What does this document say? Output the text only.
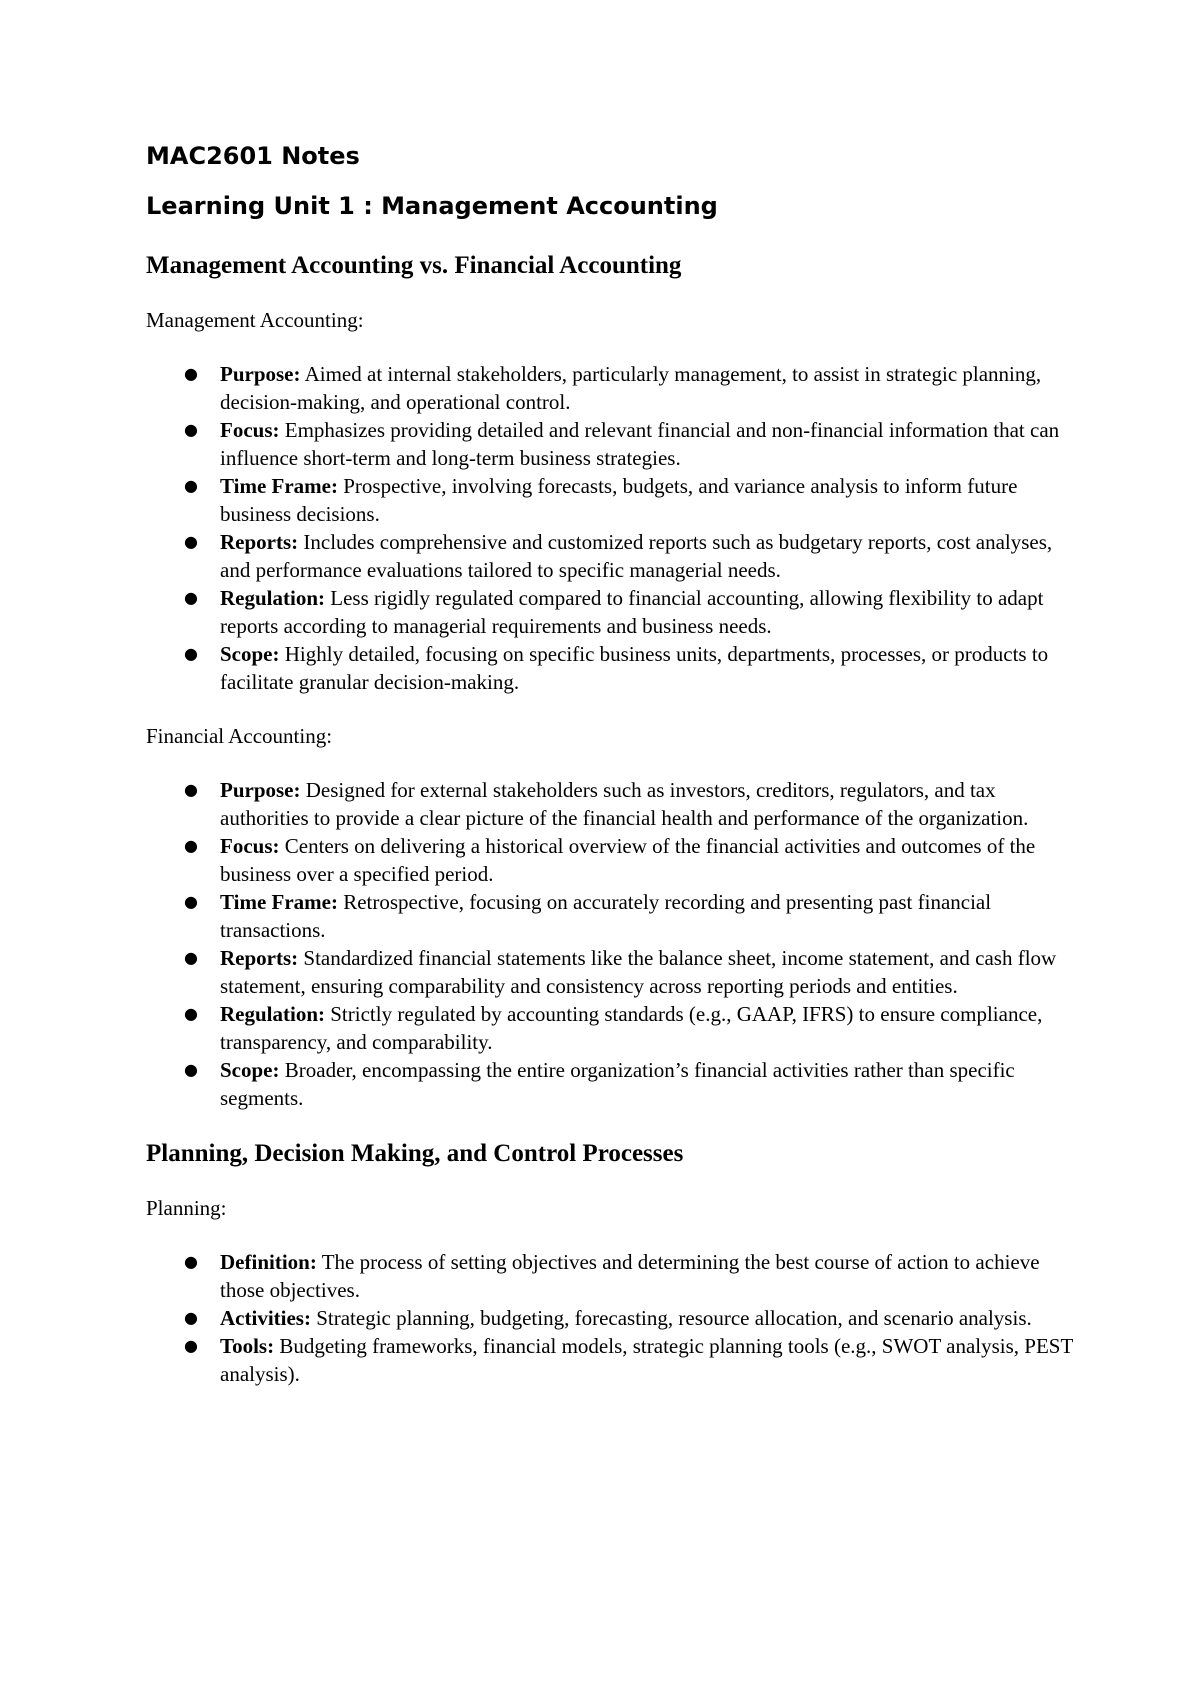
MAC2601 Notes
Learning Unit 1 : Management Accounting
Management Accounting vs. Financial Accounting

Management Accounting:

● Purpose: Aimed at internal stakeholders, particularly management, to assist in strategic planning, decision-making, and operational control.
● Focus: Emphasizes providing detailed and relevant financial and non-financial information that can influence short-term and long-term business strategies.
● Time Frame: Prospective, involving forecasts, budgets, and variance analysis to inform future business decisions.
● Reports: Includes comprehensive and customized reports such as budgetary reports, cost analyses, and performance evaluations tailored to specific managerial needs.
● Regulation: Less rigidly regulated compared to financial accounting, allowing flexibility to adapt reports according to managerial requirements and business needs.
● Scope: Highly detailed, focusing on specific business units, departments, processes, or products to facilitate granular decision-making.

Financial Accounting:

● Purpose: Designed for external stakeholders such as investors, creditors, regulators, and tax authorities to provide a clear picture of the financial health and performance of the organization.
● Focus: Centers on delivering a historical overview of the financial activities and outcomes of the business over a specified period.
● Time Frame: Retrospective, focusing on accurately recording and presenting past financial transactions.
● Reports: Standardized financial statements like the balance sheet, income statement, and cash flow statement, ensuring comparability and consistency across reporting periods and entities.
● Regulation: Strictly regulated by accounting standards (e.g., GAAP, IFRS) to ensure compliance, transparency, and comparability.
● Scope: Broader, encompassing the entire organization’s financial activities rather than specific segments.
Planning, Decision Making, and Control Processes

Planning:

● Definition: The process of setting objectives and determining the best course of action to achieve those objectives.
● Activities: Strategic planning, budgeting, forecasting, resource allocation, and scenario analysis.
● Tools: Budgeting frameworks, financial models, strategic planning tools (e.g., SWOT analysis, PEST analysis).
